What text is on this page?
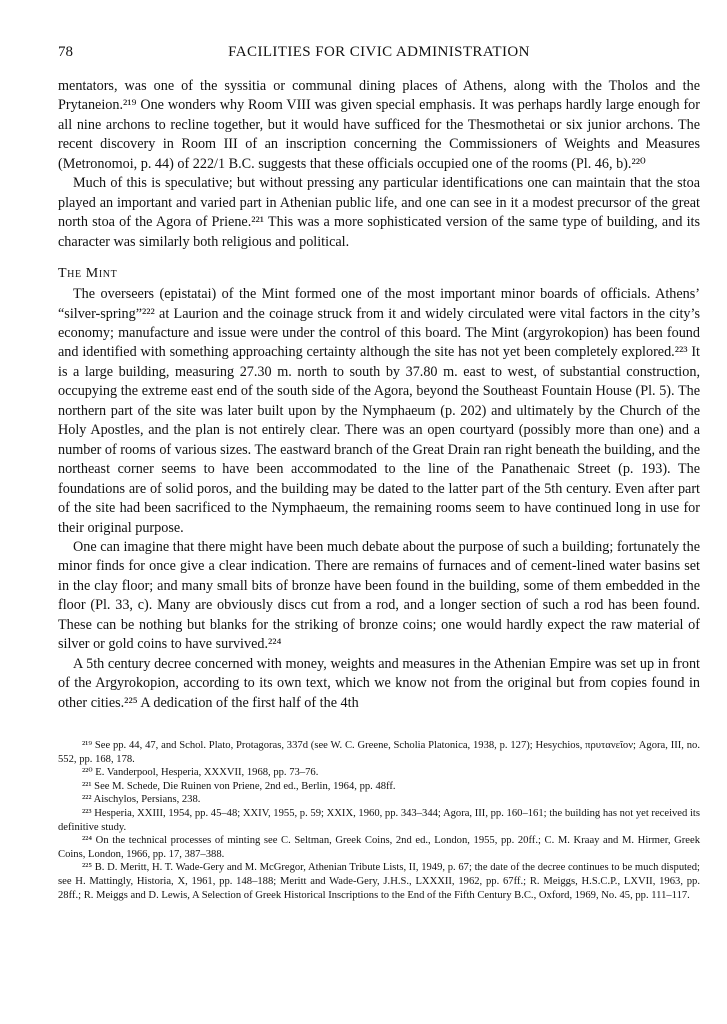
78	FACILITIES FOR CIVIC ADMINISTRATION

mentators, was one of the syssitia or communal dining places of Athens, along with the Tholos and the Prytaneion.²¹⁹ One wonders why Room VIII was given special emphasis. It was perhaps hardly large enough for all nine archons to recline together, but it would have sufficed for the Thesmothetai or six junior archons. The recent discovery in Room III of an inscription concerning the Commissioners of Weights and Measures (Metronomoi, p. 44) of 222/1 B.C. suggests that these officials occupied one of the rooms (Pl. 46, b).²²⁰

Much of this is speculative; but without pressing any particular identifications one can maintain that the stoa played an important and varied part in Athenian public life, and one can see in it a modest precursor of the great north stoa of the Agora of Priene.²²¹ This was a more sophisticated version of the same type of building, and its character was similarly both religious and political.

The Mint

The overseers (epistatai) of the Mint formed one of the most important minor boards of officials. Athens’ “silver-spring”²²² at Laurion and the coinage struck from it and widely circulated were vital factors in the city’s economy; manufacture and issue were under the control of this board. The Mint (argyrokopion) has been found and identified with something approaching certainty although the site has not yet been completely explored.²²³ It is a large building, measuring 27.30 m. north to south by 37.80 m. east to west, of substantial construction, occupying the extreme east end of the south side of the Agora, beyond the Southeast Fountain House (Pl. 5). The northern part of the site was later built upon by the Nymphaeum (p. 202) and ultimately by the Church of the Holy Apostles, and the plan is not entirely clear. There was an open courtyard (possibly more than one) and a number of rooms of various sizes. The eastward branch of the Great Drain ran right beneath the building, and the northeast corner seems to have been accommodated to the line of the Panathenaic Street (p. 193). The foundations are of solid poros, and the building may be dated to the latter part of the 5th century. Even after part of the site had been sacrificed to the Nymphaeum, the remaining rooms seem to have continued long in use for their original purpose.

One can imagine that there might have been much debate about the purpose of such a building; fortunately the minor finds for once give a clear indication. There are remains of furnaces and of cement-lined water basins set in the clay floor; and many small bits of bronze have been found in the building, some of them embedded in the floor (Pl. 33, c). Many are obviously discs cut from a rod, and a longer section of such a rod has been found. These can be nothing but blanks for the striking of bronze coins; one would hardly expect the raw material of silver or gold coins to have survived.²²⁴

A 5th century decree concerned with money, weights and measures in the Athenian Empire was set up in front of the Argyrokopion, according to its own text, which we know not from the original but from copies found in other cities.²²⁵ A dedication of the first half of the 4th

²¹⁹ See pp. 44, 47, and Schol. Plato, Protagoras, 337d (see W. C. Greene, Scholia Platonica, 1938, p. 127); Hesychios, πρυτανεῖον; Agora, III, no. 552, pp. 168, 178.

²²⁰ E. Vanderpool, Hesperia, XXXVII, 1968, pp. 73–76.

²²¹ See M. Schede, Die Ruinen von Priene, 2nd ed., Berlin, 1964, pp. 48ff.

²²² Aischylos, Persians, 238.

²²³ Hesperia, XXIII, 1954, pp. 45–48; XXIV, 1955, p. 59; XXIX, 1960, pp. 343–344; Agora, III, pp. 160–161; the building has not yet received its definitive study.

²²⁴ On the technical processes of minting see C. Seltman, Greek Coins, 2nd ed., London, 1955, pp. 20ff.; C. M. Kraay and M. Hirmer, Greek Coins, London, 1966, pp. 17, 387–388.

²²⁵ B. D. Meritt, H. T. Wade-Gery and M. McGregor, Athenian Tribute Lists, II, 1949, p. 67; the date of the decree continues to be much disputed; see H. Mattingly, Historia, X, 1961, pp. 148–188; Meritt and Wade-Gery, J.H.S., LXXXII, 1962, pp. 67ff.; R. Meiggs, H.S.C.P., LXVII, 1963, pp. 28ff.; R. Meiggs and D. Lewis, A Selection of Greek Historical Inscriptions to the End of the Fifth Century B.C., Oxford, 1969, No. 45, pp. 111–117.
